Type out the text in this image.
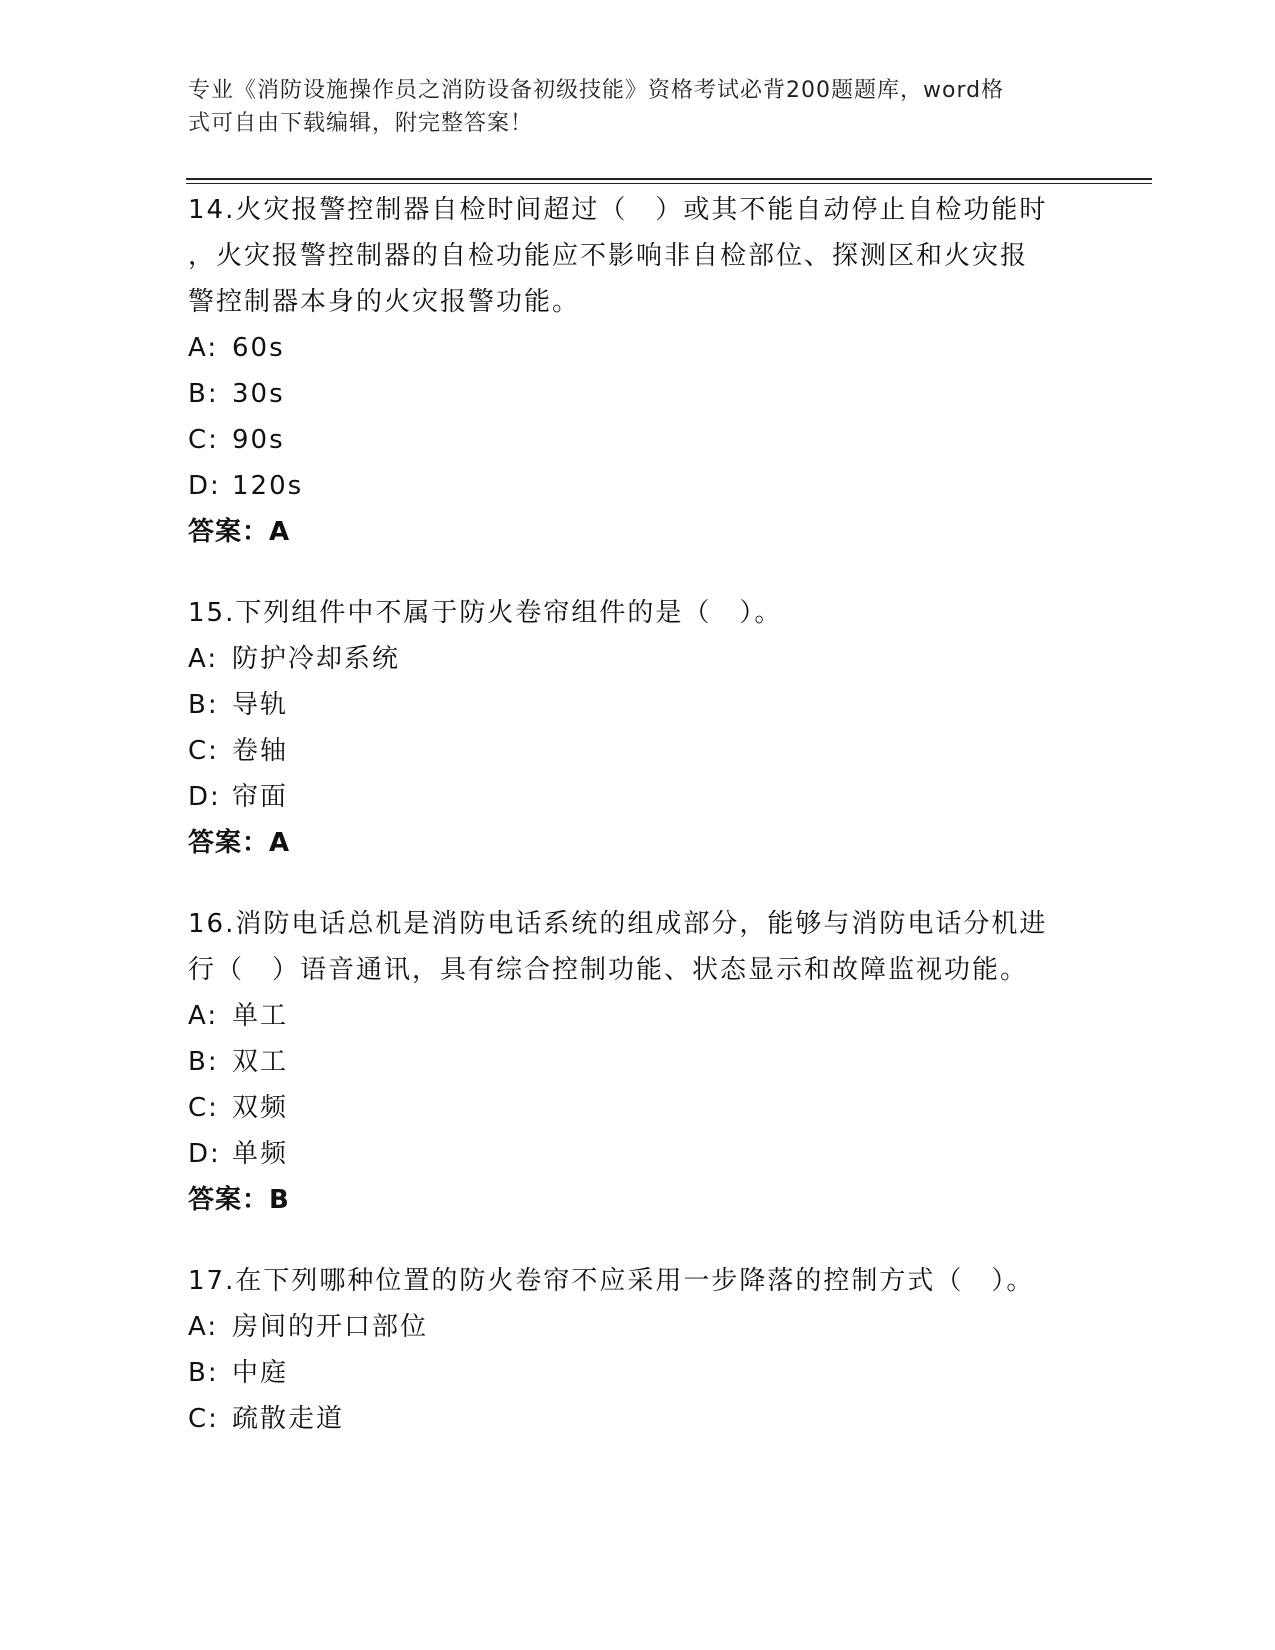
专业《消防设施操作员之消防设备初级技能》资格考试必背200题题库，word格
式可自由下载编辑，附完整答案！

14.火灾报警控制器自检时间超过（　）或其不能自动停止自检功能时

，火灾报警控制器的自检功能应不影响非自检部位、探测区和火灾报

警控制器本身的火灾报警功能。

A: 60s

B: 30s

C: 90s

D: 120s

答案：A

15.下列组件中不属于防火卷帘组件的是（　）。

A: 防护冷却系统

B: 导轨

C: 卷轴

D: 帘面

答案：A

16.消防电话总机是消防电话系统的组成部分，能够与消防电话分机进

行（　）语音通讯，具有综合控制功能、状态显示和故障监视功能。

A: 单工

B: 双工

C: 双频

D: 单频

答案：B

17.在下列哪种位置的防火卷帘不应采用一步降落的控制方式（　）。

A: 房间的开口部位

B: 中庭

C: 疏散走道
